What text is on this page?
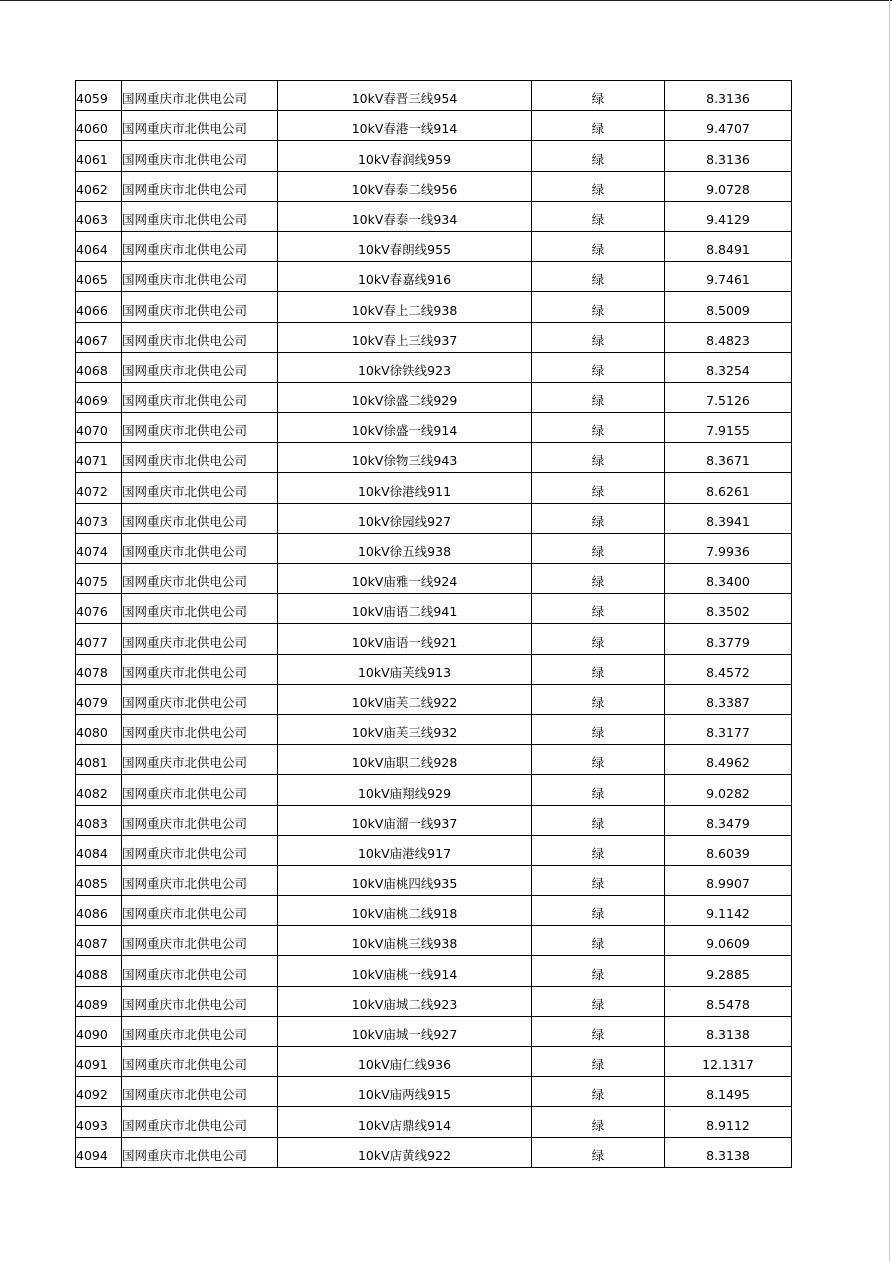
4059	国网重庆市北供电公司	10kV春晋三线954	绿	8.3136
4060	国网重庆市北供电公司	10kV春港一线914	绿	9.4707
4061	国网重庆市北供电公司	10kV春润线959	绿	8.3136
4062	国网重庆市北供电公司	10kV春泰二线956	绿	9.0728
4063	国网重庆市北供电公司	10kV春泰一线934	绿	9.4129
4064	国网重庆市北供电公司	10kV春朗线955	绿	8.8491
4065	国网重庆市北供电公司	10kV春嘉线916	绿	9.7461
4066	国网重庆市北供电公司	10kV春上二线938	绿	8.5009
4067	国网重庆市北供电公司	10kV春上三线937	绿	8.4823
4068	国网重庆市北供电公司	10kV徐铁线923	绿	8.3254
4069	国网重庆市北供电公司	10kV徐盛二线929	绿	7.5126
4070	国网重庆市北供电公司	10kV徐盛一线914	绿	7.9155
4071	国网重庆市北供电公司	10kV徐物三线943	绿	8.3671
4072	国网重庆市北供电公司	10kV徐港线911	绿	8.6261
4073	国网重庆市北供电公司	10kV徐园线927	绿	8.3941
4074	国网重庆市北供电公司	10kV徐五线938	绿	7.9936
4075	国网重庆市北供电公司	10kV庙雅一线924	绿	8.3400
4076	国网重庆市北供电公司	10kV庙语二线941	绿	8.3502
4077	国网重庆市北供电公司	10kV庙语一线921	绿	8.3779
4078	国网重庆市北供电公司	10kV庙芙线913	绿	8.4572
4079	国网重庆市北供电公司	10kV庙芙二线922	绿	8.3387
4080	国网重庆市北供电公司	10kV庙芙三线932	绿	8.3177
4081	国网重庆市北供电公司	10kV庙职二线928	绿	8.4962
4082	国网重庆市北供电公司	10kV庙翔线929	绿	9.0282
4083	国网重庆市北供电公司	10kV庙溜一线937	绿	8.3479
4084	国网重庆市北供电公司	10kV庙港线917	绿	8.6039
4085	国网重庆市北供电公司	10kV庙桃四线935	绿	8.9907
4086	国网重庆市北供电公司	10kV庙桃二线918	绿	9.1142
4087	国网重庆市北供电公司	10kV庙桃三线938	绿	9.0609
4088	国网重庆市北供电公司	10kV庙桃一线914	绿	9.2885
4089	国网重庆市北供电公司	10kV庙城二线923	绿	8.5478
4090	国网重庆市北供电公司	10kV庙城一线927	绿	8.3138
4091	国网重庆市北供电公司	10kV庙仁线936	绿	12.1317
4092	国网重庆市北供电公司	10kV庙两线915	绿	8.1495
4093	国网重庆市北供电公司	10kV店鼎线914	绿	8.9112
4094	国网重庆市北供电公司	10kV店黄线922	绿	8.3138
